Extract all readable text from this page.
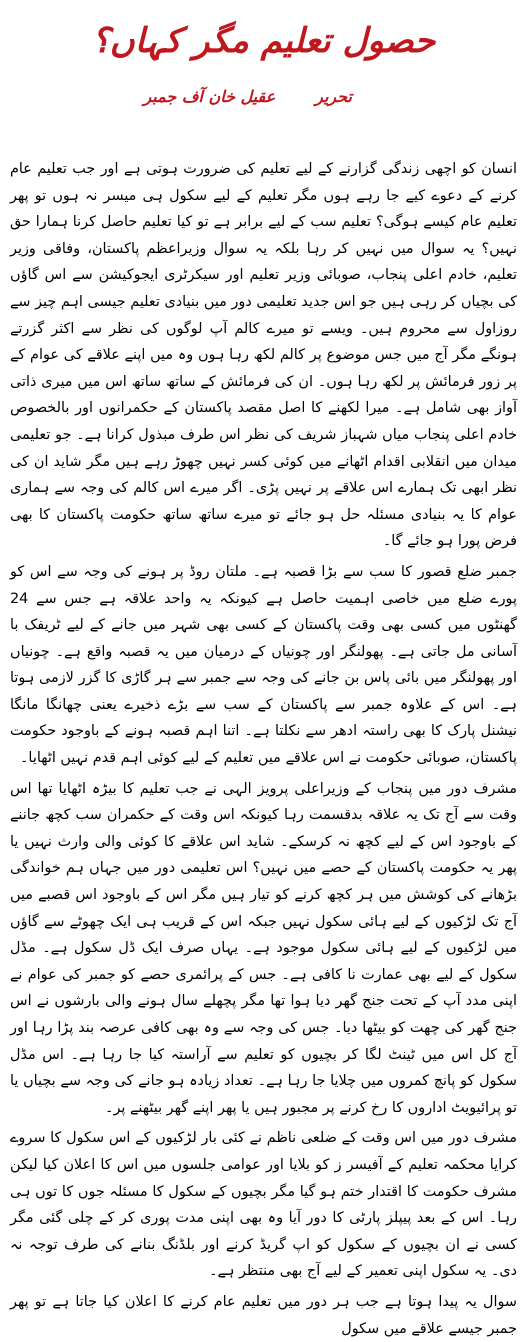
حصول تعلیم مگر کہاں؟
تحریر
عقیل خان آف جمبر

انسان کو اچھی زندگی گزارنے کے لیے تعلیم کی ضرورت ہوتی ہے اور جب تعلیم عام کرنے کے دعوے کیے جا رہے ہوں مگر تعلیم کے لیے سکول ہی میسر نہ ہوں تو پھر تعلیم عام کیسے ہوگی؟ تعلیم سب کے لیے برابر ہے تو کیا تعلیم حاصل کرنا ہمارا حق نہیں؟ یہ سوال میں نہیں کر رہا بلکہ یہ سوال وزیراعظم پاکستان، وفاقی وزیر تعلیم، خادم اعلی پنجاب، صوبائی وزیر تعلیم اور سیکرٹری ایجوکیشن سے اس گاؤں کی بچیاں کر رہی ہیں جو اس جدید تعلیمی دور میں بنیادی تعلیم جیسی اہم چیز سے روزاول سے محروم ہیں۔ ویسے تو میرے کالم آپ لوگوں کی نظر سے اکثر گزرتے ہونگے مگر آج میں جس موضوع پر کالم لکھ رہا ہوں وہ میں اپنے علاقے کی عوام کے پر زور فرمائش پر لکھ رہا ہوں۔ ان کی فرمائش کے ساتھ ساتھ اس میں میری ذاتی آواز بھی شامل ہے۔ میرا لکھنے کا اصل مقصد پاکستان کے حکمرانوں اور بالخصوص خادم اعلی پنجاب میاں شہباز شریف کی نظر اس طرف مبذول کرانا ہے۔ جو تعلیمی میدان میں انقلابی اقدام اٹھانے میں کوئی کسر نہیں چھوڑ رہے ہیں مگر شاید ان کی نظر ابھی تک ہمارے اس علاقے پر نہیں پڑی۔ اگر میرے اس کالم کی وجہ سے ہماری عوام کا یہ بنیادی مسئلہ حل ہو جائے تو میرے ساتھ ساتھ حکومت پاکستان کا بھی فرض پورا ہو جائے گا۔

جمبر ضلع قصور کا سب سے بڑا قصبہ ہے۔ ملتان روڈ پر ہونے کی وجہ سے اس کو پورے ضلع میں خاصی اہمیت حاصل ہے کیونکہ یہ واحد علاقہ ہے جس سے 24 گھنٹوں میں کسی بھی وقت پاکستان کے کسی بھی شہر میں جانے کے لیے ٹریفک با آسانی مل جاتی ہے۔ پھولنگر اور چونیاں کے درمیان میں یہ قصبہ واقع ہے۔ چونیاں اور پھولنگر میں بائی پاس بن جانے کی وجہ سے جمبر سے ہر گاڑی کا گزر لازمی ہوتا ہے۔ اس کے علاوہ جمبر سے پاکستان کے سب سے بڑے ذخیرے یعنی چھانگا مانگا نیشنل پارک کا بھی راستہ ادھر سے نکلتا ہے۔ اتنا اہم قصبہ ہونے کے باوجود حکومت پاکستان، صوبائی حکومت نے اس علاقے میں تعلیم کے لیے کوئی اہم قدم نہیں اٹھایا۔

مشرف دور میں پنجاب کے وزیراعلی پرویز الہی نے جب تعلیم کا بیڑہ اٹھایا تھا اس وقت سے آج تک یہ علاقہ بدقسمت رہا کیونکہ اس وقت کے حکمران سب کچھ جاننے کے باوجود اس کے لیے کچھ نہ کرسکے۔ شاید اس علاقے کا کوئی والی وارث نہیں یا پھر یہ حکومت پاکستان کے حصے میں نہیں؟ اس تعلیمی دور میں جہاں ہم خواندگی بڑھانے کی کوشش میں ہر کچھ کرنے کو تیار ہیں مگر اس کے باوجود اس قصبے میں آج تک لڑکیوں کے لیے ہائی سکول نہیں جبکہ اس کے قریب ہی ایک چھوٹے سے گاؤں میں لڑکیوں کے لیے ہائی سکول موجود ہے۔ یہاں صرف ایک ڈل سکول ہے۔ مڈل سکول کے لیے بھی عمارت نا کافی ہے۔ جس کے پرائمری حصے کو جمبر کی عوام نے اپنی مدد آپ کے تحت جنج گھر دیا ہوا تھا مگر پچھلے سال ہونے والی بارشوں نے اس جنج گھر کی چھت کو بیٹھا دیا۔ جس کی وجہ سے وہ بھی کافی عرصہ بند پڑا رہا اور آج کل اس میں ٹینٹ لگا کر بچیوں کو تعلیم سے آراستہ کیا جا رہا ہے۔ اس مڈل سکول کو پانچ کمروں میں چلایا جا رہا ہے۔ تعداد زیادہ ہو جانے کی وجہ سے بچیاں یا تو پرائیویٹ اداروں کا رخ کرنے پر مجبور ہیں یا پھر اپنے گھر بیٹھنے پر۔

مشرف دور میں اس وقت کے ضلعی ناظم نے کئی بار لڑکیوں کے اس سکول کا سروے کرایا محکمہ تعلیم کے آفیسر ز کو بلایا اور عوامی جلسوں میں اس کا اعلان کیا لیکن مشرف حکومت کا اقتدار ختم ہو گیا مگر بچیوں کے سکول کا مسئلہ جوں کا توں ہی رہا۔ اس کے بعد پیپلز پارٹی کا دور آیا وہ بھی اپنی مدت پوری کر کے چلی گئی مگر کسی نے ان بچیوں کے سکول کو اپ گریڈ کرنے اور بلڈنگ بنانے کی طرف توجہ نہ دی۔ یہ سکول اپنی تعمیر کے لیے آج بھی منتظر ہے۔

سوال یہ پیدا ہوتا ہے جب ہر دور میں تعلیم عام کرنے کا اعلان کیا جاتا ہے تو پھر جمبر جیسے علاقے میں سکول
